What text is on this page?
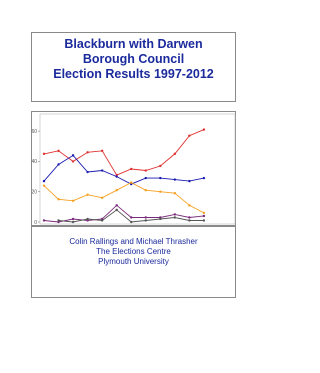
Blackburn with Darwen
Borough Council
Election Results 1997-2012
0
20
40
60
Colin Rallings and Michael Thrasher
The Elections Centre
Plymouth University
